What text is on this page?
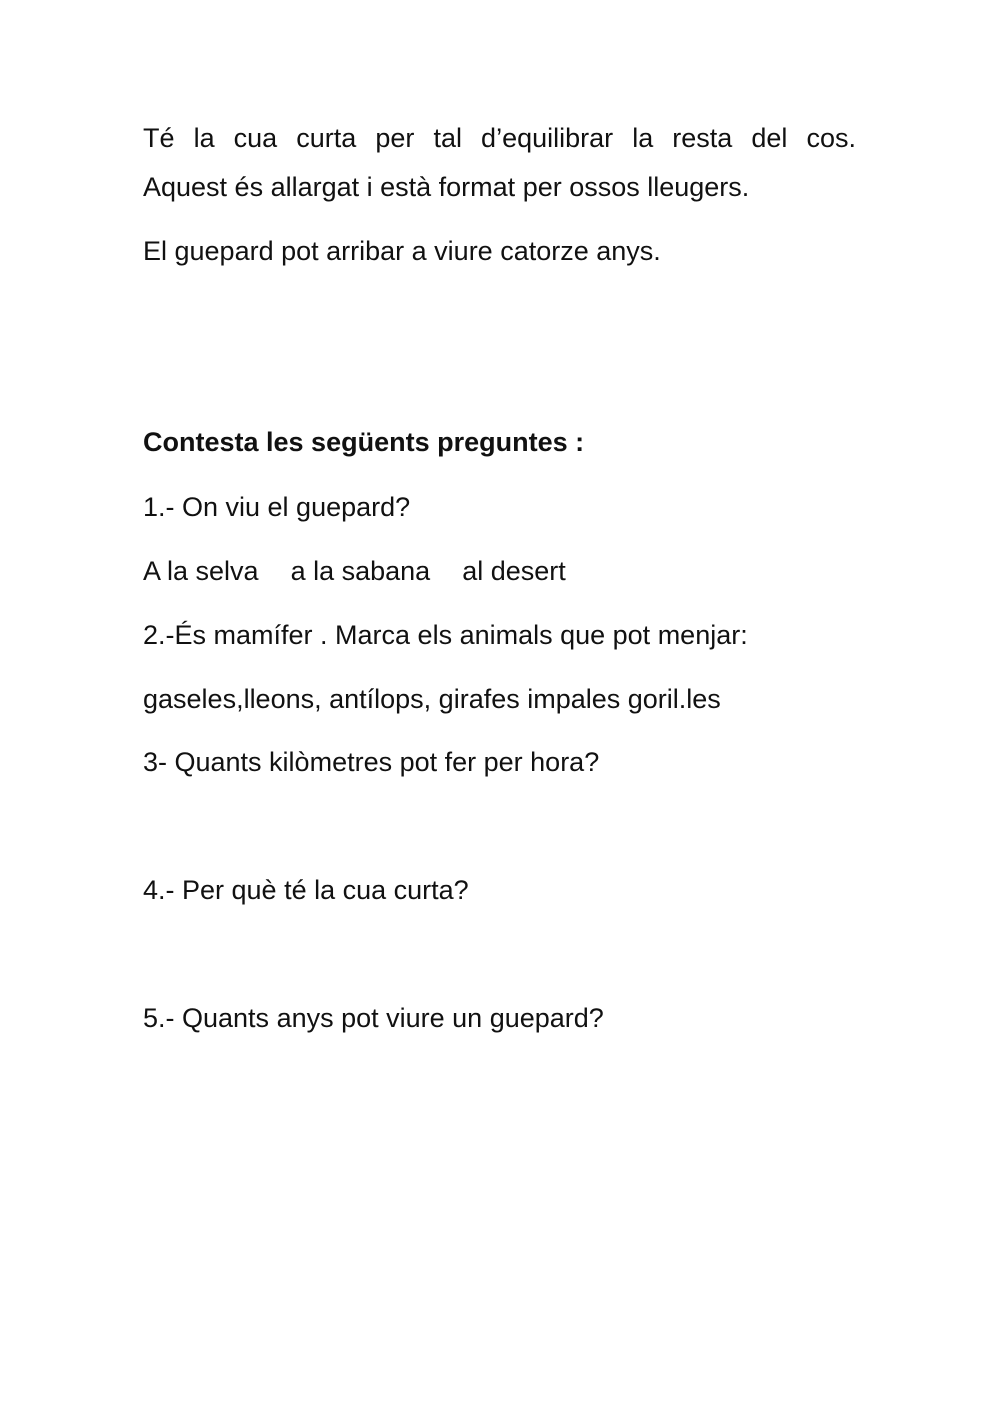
Té la cua curta per tal d’equilibrar la resta del cos.

Aquest és allargat i està format per ossos lleugers.

El guepard pot arribar a viure catorze anys.

Contesta les següents preguntes :

1.- On viu el guepard?

A la selva a la sabana al desert

2.-És mamífer . Marca els animals que pot menjar:

gaseles,lleons, antílops, girafes impales goril.les

3- Quants kilòmetres pot fer per hora?

4.- Per què té la cua curta?

5.- Quants anys pot viure un guepard?
